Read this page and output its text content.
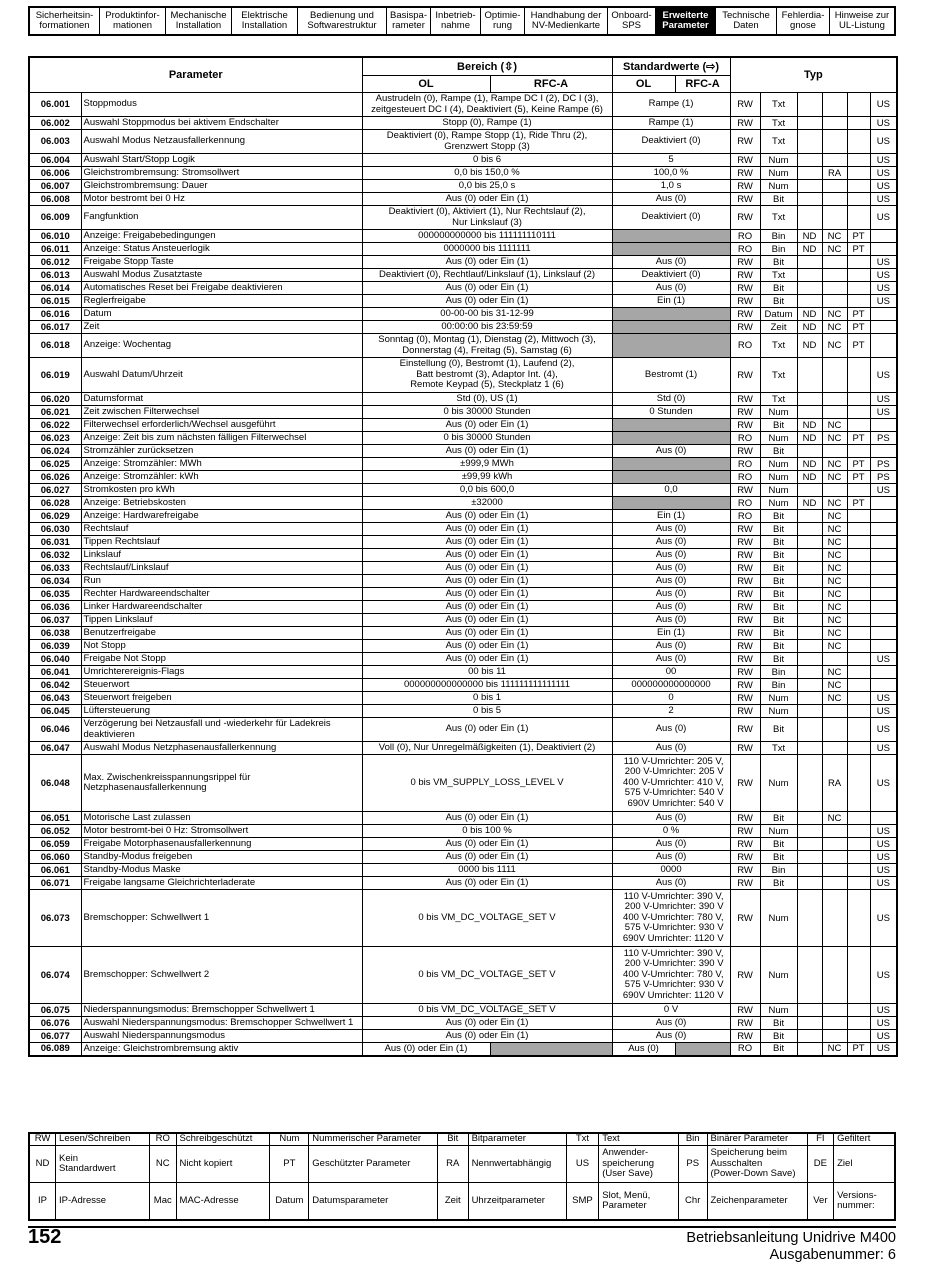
Sicherheitsin-
formationen
Produktinfor-
mationen
Mechanische
Installation
Elektrische
Installation
Bedienung und
Softwarestruktur
Basispa-
rameter
Inbetrieb-
nahme
Optimie-
rung
Handhabung der
NV-Medienkarte
Onboard-
SPS
Erweiterte
Parameter
Technische
Daten
Fehlerdia-
gnose
Hinweise zur
UL-Listung
Parameter		Bereich (⇳)		Standardwerte (⇨)		Typ					
		OL	RFC-A	OL	RFC-A						
06.001	Stoppmodus	Austrudeln (0), Rampe (1), Rampe DC I (2), DC I (3),
zeitgesteuert DC I (4), Deaktiviert (5), Keine Rampe (6)		Rampe (1)		RW	Txt				US
06.002	Auswahl Stoppmodus bei aktivem Endschalter	Stopp (0), Rampe (1)		Rampe (1)		RW	Txt				US
06.003	Auswahl Modus Netzausfallerkennung	Deaktiviert (0), Rampe Stopp (1), Ride Thru (2),
Grenzwert Stopp (3)		Deaktiviert (0)		RW	Txt				US
06.004	Auswahl Start/Stopp Logik	0 bis 6		5		RW	Num				US
06.006	Gleichstrombremsung: Stromsollwert	0,0 bis 150,0 %		100,0 %		RW	Num		RA		US
06.007	Gleichstrombremsung: Dauer	0,0 bis 25,0 s		1,0 s		RW	Num				US
06.008	Motor bestromt bei 0 Hz	Aus (0) oder Ein (1)		Aus (0)		RW	Bit				US
06.009	Fangfunktion	Deaktiviert (0), Aktiviert (1), Nur Rechtslauf (2),
Nur Linkslauf (3)		Deaktiviert (0)		RW	Txt				US
06.010	Anzeige: Freigabebedingungen	000000000000 bis 111111110111				RO	Bin	ND	NC	PT	
06.011	Anzeige: Status Ansteuerlogik	0000000 bis 1111111				RO	Bin	ND	NC	PT	
06.012	Freigabe Stopp Taste	Aus (0) oder Ein (1)		Aus (0)		RW	Bit				US
06.013	Auswahl Modus Zusatztaste	Deaktiviert (0), Rechtlauf/Linkslauf (1), Linkslauf (2)		Deaktiviert (0)		RW	Txt				US
06.014	Automatisches Reset bei Freigabe deaktivieren	Aus (0) oder Ein (1)		Aus (0)		RW	Bit				US
06.015	Reglerfreigabe	Aus (0) oder Ein (1)		Ein (1)		RW	Bit				US
06.016	Datum	00-00-00 bis 31-12-99				RW	Datum	ND	NC	PT	
06.017	Zeit	00:00:00 bis 23:59:59				RW	Zeit	ND	NC	PT	
06.018	Anzeige: Wochentag	Sonntag (0), Montag (1), Dienstag (2), Mittwoch (3),
Donnerstag (4), Freitag (5), Samstag (6)				RO	Txt	ND	NC	PT	
06.019	Auswahl Datum/Uhrzeit	Einstellung (0), Bestromt (1), Laufend (2),
Batt bestromt (3), Adaptor Int. (4),
Remote Keypad (5), Steckplatz 1 (6)		Bestromt (1)		RW	Txt				US
06.020	Datumsformat	Std (0), US (1)		Std (0)		RW	Txt				US
06.021	Zeit zwischen Filterwechsel	0 bis 30000 Stunden		0 Stunden		RW	Num				US
06.022	Filterwechsel erforderlich/Wechsel ausgeführt	Aus (0) oder Ein (1)				RW	Bit	ND	NC		
06.023	Anzeige: Zeit bis zum nächsten fälligen Filterwechsel	0 bis 30000 Stunden				RO	Num	ND	NC	PT	PS
06.024	Stromzähler zurücksetzen	Aus (0) oder Ein (1)		Aus (0)		RW	Bit				
06.025	Anzeige: Stromzähler: MWh	±999,9 MWh				RO	Num	ND	NC	PT	PS
06.026	Anzeige: Stromzähler: kWh	±99,99 kWh				RO	Num	ND	NC	PT	PS
06.027	Stromkosten pro kWh	0,0 bis 600,0		0,0		RW	Num				US
06.028	Anzeige: Betriebskosten	±32000				RO	Num	ND	NC	PT	
06.029	Anzeige: Hardwarefreigabe	Aus (0) oder Ein (1)		Ein (1)		RO	Bit		NC		
06.030	Rechtslauf	Aus (0) oder Ein (1)		Aus (0)		RW	Bit		NC		
06.031	Tippen Rechtslauf	Aus (0) oder Ein (1)		Aus (0)		RW	Bit		NC		
06.032	Linkslauf	Aus (0) oder Ein (1)		Aus (0)		RW	Bit		NC		
06.033	Rechtslauf/Linkslauf	Aus (0) oder Ein (1)		Aus (0)		RW	Bit		NC		
06.034	Run	Aus (0) oder Ein (1)		Aus (0)		RW	Bit		NC		
06.035	Rechter Hardwareendschalter	Aus (0) oder Ein (1)		Aus (0)		RW	Bit		NC		
06.036	Linker Hardwareendschalter	Aus (0) oder Ein (1)		Aus (0)		RW	Bit		NC		
06.037	Tippen Linkslauf	Aus (0) oder Ein (1)		Aus (0)		RW	Bit		NC		
06.038	Benutzerfreigabe	Aus (0) oder Ein (1)		Ein (1)		RW	Bit		NC		
06.039	Not Stopp	Aus (0) oder Ein (1)		Aus (0)		RW	Bit		NC		
06.040	Freigabe Not Stopp	Aus (0) oder Ein (1)		Aus (0)		RW	Bit				US
06.041	Umrichterereignis-Flags	00 bis 11		00		RW	Bin		NC		
06.042	Steuerwort	000000000000000 bis 111111111111111		000000000000000		RW	Bin		NC		
06.043	Steuerwort freigeben	0 bis 1		0		RW	Num		NC		US
06.045	Lüftersteuerung	0 bis 5		2		RW	Num				US
06.046	Verzögerung bei Netzausfall und -wiederkehr für Ladekreis
deaktivieren	Aus (0) oder Ein (1)		Aus (0)		RW	Bit				US
06.047	Auswahl Modus Netzphasenausfallerkennung	Voll (0), Nur Unregelmäßigkeiten (1), Deaktiviert (2)		Aus (0)		RW	Txt				US
06.048	Max. Zwischenkreisspannungsrippel für
Netzphasenausfallerkennung	0 bis VM_SUPPLY_LOSS_LEVEL V		110 V-Umrichter: 205 V,
200 V-Umrichter: 205 V
400 V-Umrichter: 410 V,
575 V-Umrichter: 540 V
690V Umrichter: 540 V		RW	Num		RA		US
06.051	Motorische Last zulassen	Aus (0) oder Ein (1)		Aus (0)		RW	Bit		NC		
06.052	Motor bestromt-bei 0 Hz: Stromsollwert	0 bis 100 %		0 %		RW	Num				US
06.059	Freigabe Motorphasenausfallerkennung	Aus (0) oder Ein (1)		Aus (0)		RW	Bit				US
06.060	Standby-Modus freigeben	Aus (0) oder Ein (1)		Aus (0)		RW	Bit				US
06.061	Standby-Modus Maske	0000 bis 1111		0000		RW	Bin				US
06.071	Freigabe langsame Gleichrichterladerate	Aus (0) oder Ein (1)		Aus (0)		RW	Bit				US
06.073	Bremschopper: Schwellwert 1	0 bis VM_DC_VOLTAGE_SET V		110 V-Umrichter: 390 V,
200 V-Umrichter: 390 V
400 V-Umrichter: 780 V,
575 V-Umrichter: 930 V
690V Umrichter: 1120 V		RW	Num				US
06.074	Bremschopper: Schwellwert 2	0 bis VM_DC_VOLTAGE_SET V		110 V-Umrichter: 390 V,
200 V-Umrichter: 390 V
400 V-Umrichter: 780 V,
575 V-Umrichter: 930 V
690V Umrichter: 1120 V		RW	Num				US
06.075	Niederspannungsmodus: Bremschopper Schwellwert 1	0 bis VM_DC_VOLTAGE_SET V		0 V		RW	Num				US
06.076	Auswahl Niederspannungsmodus: Bremschopper Schwellwert 1	Aus (0) oder Ein (1)		Aus (0)		RW	Bit				US
06.077	Auswahl Niederspannungsmodus	Aus (0) oder Ein (1)		Aus (0)		RW	Bit				US
06.089	Anzeige: Gleichstrombremsung aktiv	Aus (0) oder Ein (1)		Aus (0)		RO	Bit		NC	PT	US
RW	Lesen/Schreiben	RO	Schreibgeschützt	Num	Nummerischer Parameter	Bit	Bitparameter	Txt	Text	Bin	Binärer Parameter	FI	Gefiltert
ND	Kein
Standardwert	NC	Nicht kopiert	PT	Geschützter Parameter	RA	Nennwertabhängig	US	Anwender-
speicherung
(User Save)	PS	Speicherung beim
Ausschalten
(Power-Down Save)	DE	Ziel
IP	IP-Adresse	Mac	MAC-Adresse	Datum	Datumsparameter	Zeit	Uhrzeitparameter	SMP	Slot, Menü,
Parameter	Chr	Zeichenparameter	Ver	Versions-
nummer:
152	Betriebsanleitung Unidrive M400
Ausgabenummer: 6
